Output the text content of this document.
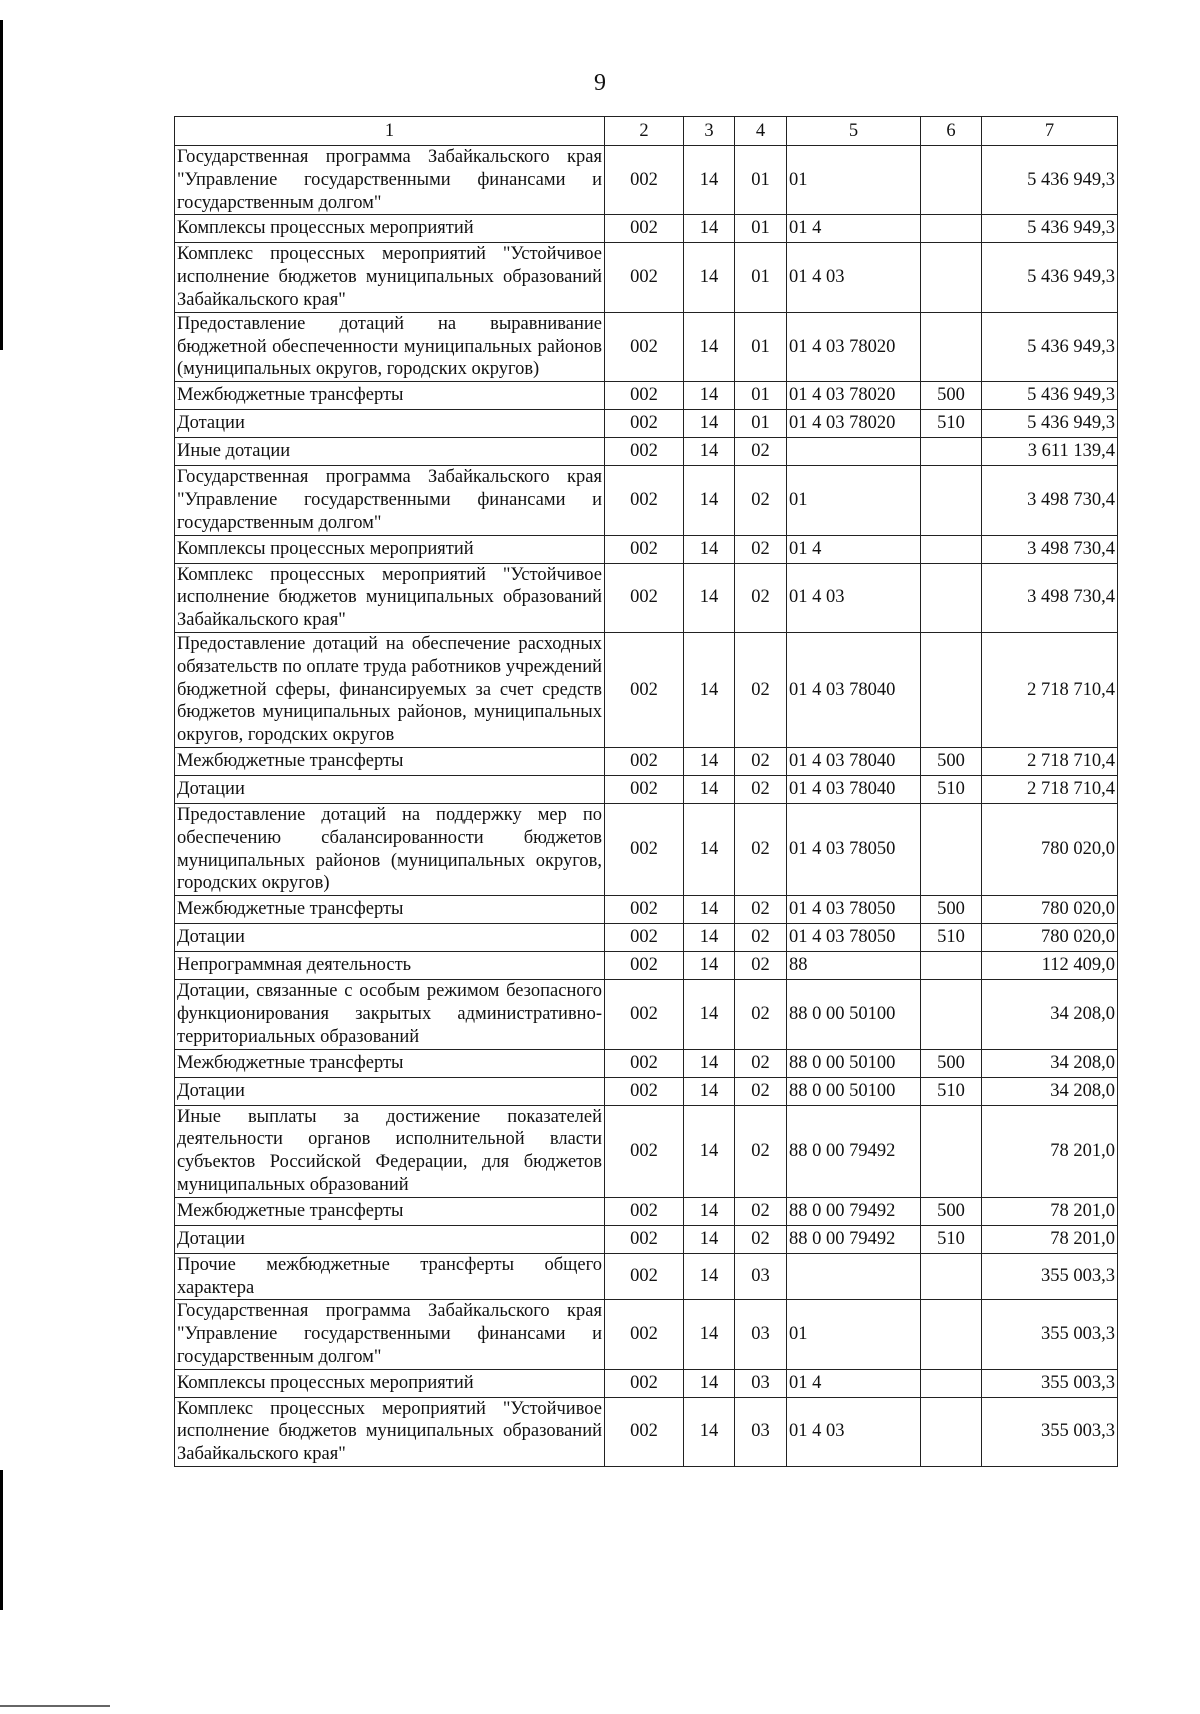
9
1	2	3	4	5	6	7
Государственная программа Забайкальского края "Управление государственными финансами и государственным долгом"	002	14	01	01		5 436 949,3
Комплексы процессных мероприятий	002	14	01	01 4		5 436 949,3
Комплекс процессных мероприятий "Устойчивое исполнение бюджетов муниципальных образований Забайкальского края"	002	14	01	01 4 03		5 436 949,3
Предоставление дотаций на выравнивание бюджетной обеспеченности муниципальных районов (муниципальных округов, городских округов)	002	14	01	01 4 03 78020		5 436 949,3
Межбюджетные трансферты	002	14	01	01 4 03 78020	500	5 436 949,3
Дотации	002	14	01	01 4 03 78020	510	5 436 949,3
Иные дотации	002	14	02			3 611 139,4
Государственная программа Забайкальского края "Управление государственными финансами и государственным долгом"	002	14	02	01		3 498 730,4
Комплексы процессных мероприятий	002	14	02	01 4		3 498 730,4
Комплекс процессных мероприятий "Устойчивое исполнение бюджетов муниципальных образований Забайкальского края"	002	14	02	01 4 03		3 498 730,4
Предоставление дотаций на обеспечение расходных обязательств по оплате труда работников учреждений бюджетной сферы, финансируемых за счет средств бюджетов муниципальных районов, муниципальных округов, городских округов	002	14	02	01 4 03 78040		2 718 710,4
Межбюджетные трансферты	002	14	02	01 4 03 78040	500	2 718 710,4
Дотации	002	14	02	01 4 03 78040	510	2 718 710,4
Предоставление дотаций на поддержку мер по обеспечению сбалансированности бюджетов муниципальных районов (муниципальных округов, городских округов)	002	14	02	01 4 03 78050		780 020,0
Межбюджетные трансферты	002	14	02	01 4 03 78050	500	780 020,0
Дотации	002	14	02	01 4 03 78050	510	780 020,0
Непрограммная деятельность	002	14	02	88		112 409,0
Дотации, связанные с особым режимом безопасного функционирования закрытых административно-территориальных образований	002	14	02	88 0 00 50100		34 208,0
Межбюджетные трансферты	002	14	02	88 0 00 50100	500	34 208,0
Дотации	002	14	02	88 0 00 50100	510	34 208,0
Иные выплаты за достижение показателей деятельности органов исполнительной власти субъектов Российской Федерации, для бюджетов муниципальных образований	002	14	02	88 0 00 79492		78 201,0
Межбюджетные трансферты	002	14	02	88 0 00 79492	500	78 201,0
Дотации	002	14	02	88 0 00 79492	510	78 201,0
Прочие межбюджетные трансферты общего характера	002	14	03			355 003,3
Государственная программа Забайкальского края "Управление государственными финансами и государственным долгом"	002	14	03	01		355 003,3
Комплексы процессных мероприятий	002	14	03	01 4		355 003,3
Комплекс процессных мероприятий "Устойчивое исполнение бюджетов муниципальных образований Забайкальского края"	002	14	03	01 4 03		355 003,3
